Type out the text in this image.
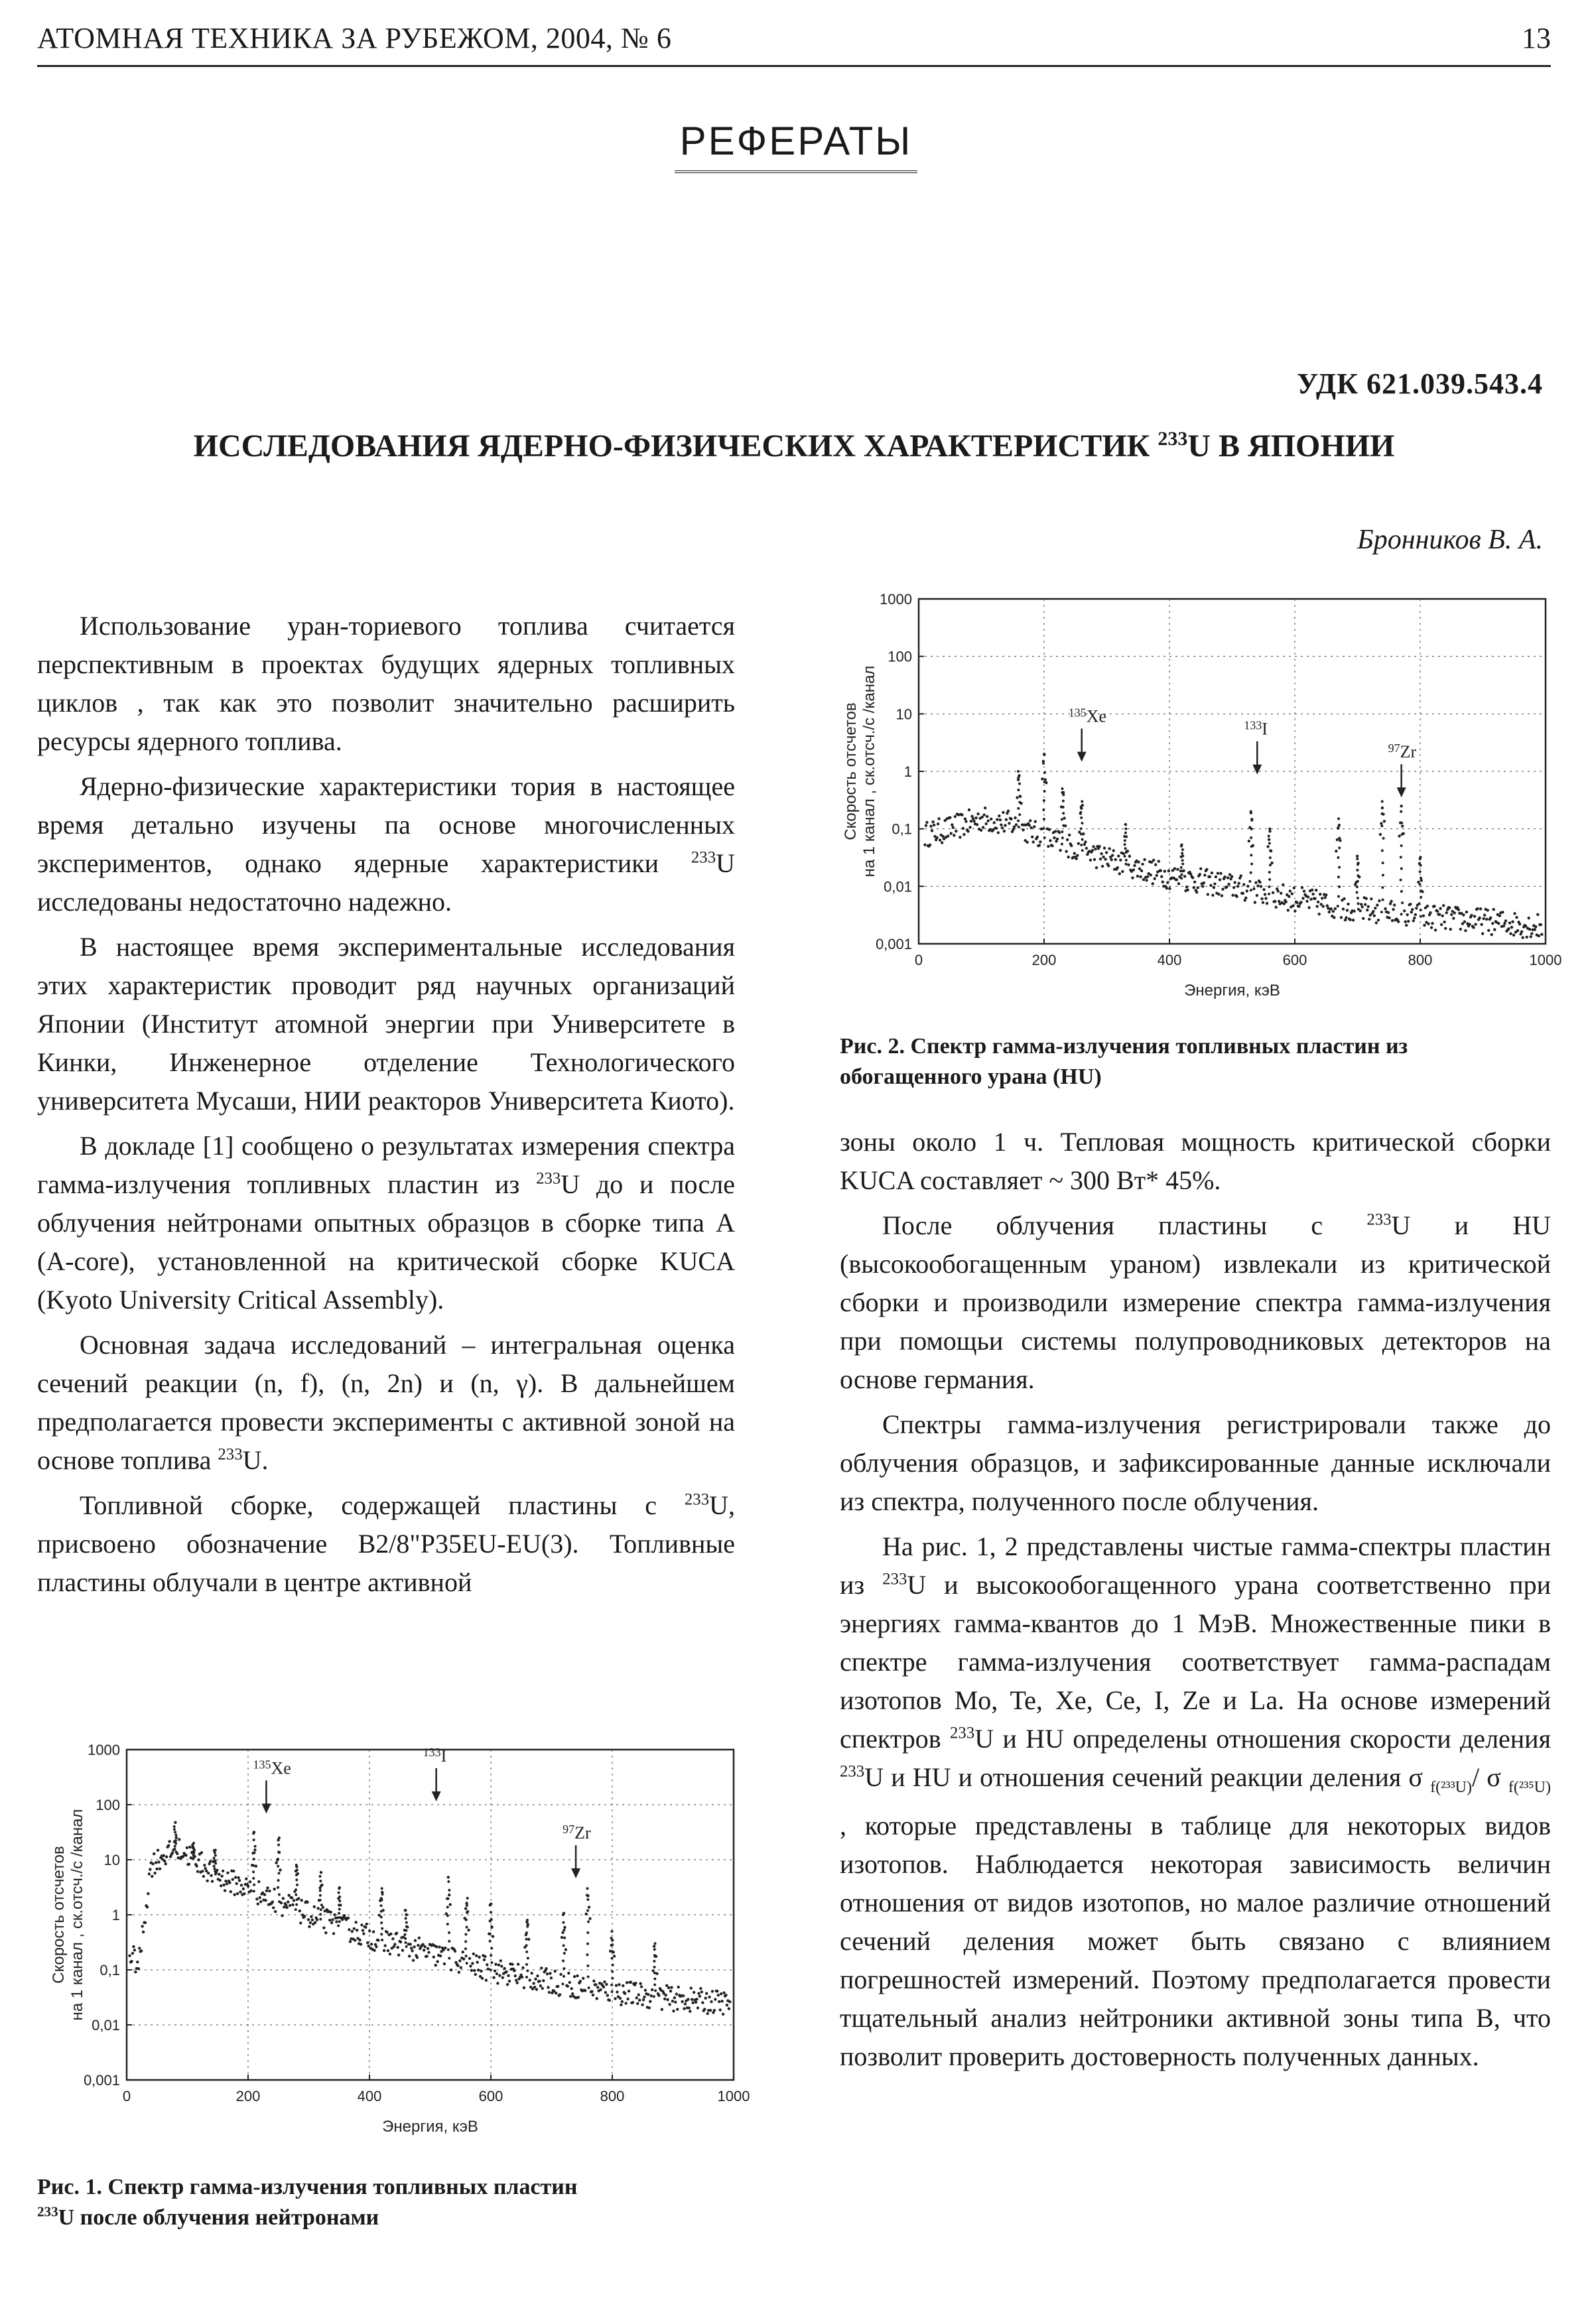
АТОМНАЯ ТЕХНИКА ЗА РУБЕЖОМ, 2004, № 6	13
РЕФЕРАТЫ
УДК 621.039.543.4
ИССЛЕДОВАНИЯ ЯДЕРНО-ФИЗИЧЕСКИХ ХАРАКТЕРИСТИК $^{233}$U В ЯПОНИИ
Бронников В. А.

Использование уран-ториевого топлива считается перспективным в проектах будущих ядерных топливных циклов , так как это позволит значительно расширить ресурсы ядерного топлива.

Ядерно-физические характеристики тория в настоящее время детально изучены па основе многочисленных экспериментов, однако ядерные характеристики $^{233}$U исследованы недостаточно надежно.

В настоящее время экспериментальные исследования этих характеристик проводит ряд научных организаций Японии (Институт атомной энергии при Университете в Кинки, Инженерное отделение Технологического университета Мусаши, НИИ реакторов Университета Киото).

В докладе [1] сообщено о результатах измерения спектра гамма-излучения топливных пластин из $^{233}$U до и после облучения нейтронами опытных образцов в сборке типа А (A-core), установленной на критической сборке KUCA (Kyoto University Critical Assembly).

Основная задача исследований – интегральная оценка сечений реакции (n, f), (n, 2n) и (n, γ). В дальнейшем предполагается провести эксперименты с активной зоной на основе топлива $^{233}$U.

Топливной сборке, содержащей пластины с $^{233}$U, присвоено обозначение B2/8"P35EU-EU(3). Топливные пластины облучали в центре активной

1000
100
10
1
0,1
0,01
0,001
0	200	400	600	800	1000
Энергия, кэВ
Скорость отсчетов на 1 канал , ск.отсч./с /канал	$^{135}$Xe	$^{133}$I
$^{97}$Zr
Рис. 2. Спектр гамма-излучения топливных пластин из обогащенного урана (HU)

зоны около 1 ч. Тепловая мощность критической сборки KUCA составляет ~ 300 Вт* 45%.

После облучения пластины с $^{233}$U и HU (высокообогащенным ураном) извлекали из критической сборки и производили измерение спектра гамма-излучения при помощьи системы полупроводниковых детекторов на основе германия.

Спектры гамма-излучения регистрировали также до облучения образцов, и зафиксированные данные исключали из спектра, полученного после облучения.

На рис. 1, 2 представлены чистые гамма-спектры пластин из $^{233}$U и высокообогащенного урана соответственно при энергиях гамма-квантов до 1 МэВ. Множественные пики в спектре гамма-излучения соответствует гамма-распадам изотопов Mo, Te, Xe, Ce, I, Ze и La. На основе измерений спектров $^{233}$U и HU определены отношения скорости деления $^{233}$U и HU и отношения сечений реакции деления σ $_{f(^{233}U)}$/ σ $_{f(^{235}U)}$ , которые представлены в таблице для некоторых видов изотопов. Наблюдается некоторая зависимость величин отношения от видов изотопов, но малое различие отношений сечений деления может быть связано с влиянием погрешностей измерений. Поэтому предполагается провести тщательный анализ нейтроники активной зоны типа В, что позволит проверить достоверность полученных данных.

1000
100
10
1
0,1
0,01
0,001
0	200	400	600	800	1000
Энергия, кэВ
Скорость отсчетов на 1 канал , ск.отсч./с /канал
$^{135}$Xe
$^{133}$I
$^{97}$Zr
Рис. 1. Спектр гамма-излучения топливных пластин
$^{233}$U после облучения нейтронами
